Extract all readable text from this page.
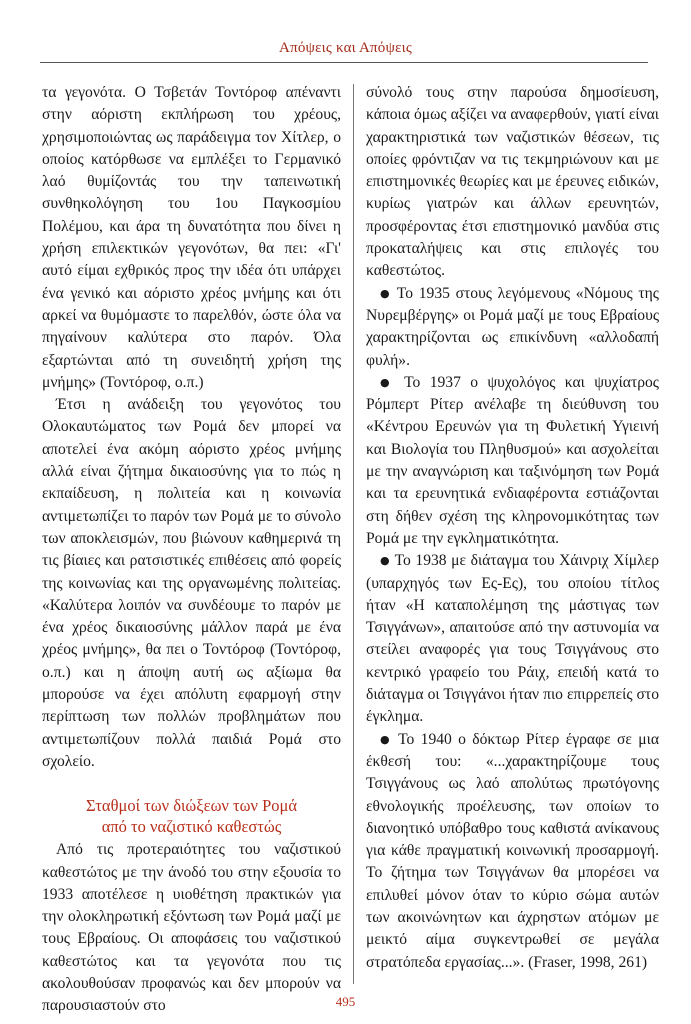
Απόψεις και Απόψεις

τα γεγονότα. Ο Τσβετάν Τοντόροφ απέναντι στην αόριστη εκπλήρωση του χρέους, χρησιμοποιώντας ως παράδειγμα τον Χίτλερ, ο οποίος κατόρθωσε να εμπλέξει το Γερμανικό λαό θυμίζοντάς του την ταπεινωτική συνθηκολόγηση του 1ου Παγκοσμίου Πολέμου, και άρα τη δυνατότητα που δίνει η χρήση επιλεκτικών γεγονότων, θα πει: «Γι' αυτό είμαι εχθρικός προς την ιδέα ότι υπάρχει ένα γενικό και αόριστο χρέος μνήμης και ότι αρκεί να θυμόμαστε το παρελθόν, ώστε όλα να πηγαίνουν καλύτερα στο παρόν. Όλα εξαρτώνται από τη συνειδητή χρήση της μνήμης» (Τοντόροφ, ο.π.)

Έτσι η ανάδειξη του γεγονότος του Ολοκαυτώματος των Ρομά δεν μπορεί να αποτελεί ένα ακόμη αόριστο χρέος μνήμης αλλά είναι ζήτημα δικαιοσύνης για το πώς η εκπαίδευση, η πολιτεία και η κοινωνία αντιμετωπίζει το παρόν των Ρομά με το σύνολο των αποκλεισμών, που βιώνουν καθημερινά τη τις βίαιες και ρατσιστικές επιθέσεις από φορείς της κοινωνίας και της οργανωμένης πολιτείας. «Καλύτερα λοιπόν να συνδέουμε το παρόν με ένα χρέος δικαιοσύνης μάλλον παρά με ένα χρέος μνήμης», θα πει ο Τοντόροφ (Τοντόροφ, ο.π.) και η άποψη αυτή ως αξίωμα θα μπορούσε να έχει απόλυτη εφαρμογή στην περίπτωση των πολλών προβλημάτων που αντιμετωπίζουν πολλά παιδιά Ρομά στο σχολείο.

Σταθμοί των διώξεων των Ρομά
από το ναζιστικό καθεστώς

Από τις προτεραιότητες του ναζιστικού καθεστώτος με την άνοδό του στην εξουσία το 1933 αποτέλεσε η υιοθέτηση πρακτικών για την ολοκληρωτική εξόντωση των Ρομά μαζί με τους Εβραίους. Οι αποφάσεις του ναζιστικού καθεστώτος και τα γεγονότα που τις ακολουθούσαν προφανώς και δεν μπορούν να παρουσιαστούν στο

σύνολό τους στην παρούσα δημοσίευση, κάποια όμως αξίζει να αναφερθούν, γιατί είναι χαρακτηριστικά των ναζιστικών θέσεων, τις οποίες φρόντιζαν να τις τεκμηριώνουν και με επιστημονικές θεωρίες και με έρευνες ειδικών, κυρίως γιατρών και άλλων ερευνητών, προσφέροντας έτσι επιστημονικό μανδύα στις προκαταλήψεις και στις επιλογές του καθεστώτος.

● Το 1935 στους λεγόμενους «Νόμους της Νυρεμβέργης» οι Ρομά μαζί με τους Εβραίους χαρακτηρίζονται ως επικίνδυνη «αλλοδαπή φυλή».

● Το 1937 ο ψυχολόγος και ψυχίατρος Ρόμπερτ Ρίτερ ανέλαβε τη διεύθυνση του «Κέντρου Ερευνών για τη Φυλετική Υγιεινή και Βιολογία του Πληθυσμού» και ασχολείται με την αναγνώριση και ταξινόμηση των Ρομά και τα ερευνητικά ενδιαφέροντα εστιάζονται στη δήθεν σχέση της κληρονομικότητας των Ρομά με την εγκληματικότητα.

● Το 1938 με διάταγμα του Χάινριχ Χίμλερ (υπαρχηγός των Ες-Ες), του οποίου τίτλος ήταν «Η καταπολέμηση της μάστιγας των Τσιγγάνων», απαιτούσε από την αστυνομία να στείλει αναφορές για τους Τσιγγάνους στο κεντρικό γραφείο του Ράιχ, επειδή κατά το διάταγμα οι Τσιγγάνοι ήταν πιο επιρρεπείς στο έγκλημα.

● Το 1940 ο δόκτωρ Ρίτερ έγραφε σε μια έκθεσή του: «...χαρακτηρίζουμε τους Τσιγγάνους ως λαό απολύτως πρωτόγονης εθνολογικής προέλευσης, των οποίων το διανοητικό υπόβαθρο τους καθιστά ανίκανους για κάθε πραγματική κοινωνική προσαρμογή. Το ζήτημα των Τσιγγάνων θα μπορέσει να επιλυθεί μόνον όταν το κύριο σώμα αυτών των ακοινώνητων και άχρηστων ατόμων με μεικτό αίμα συγκεντρωθεί σε μεγάλα στρατόπεδα εργασίας...». (Fraser, 1998, 261)

495
